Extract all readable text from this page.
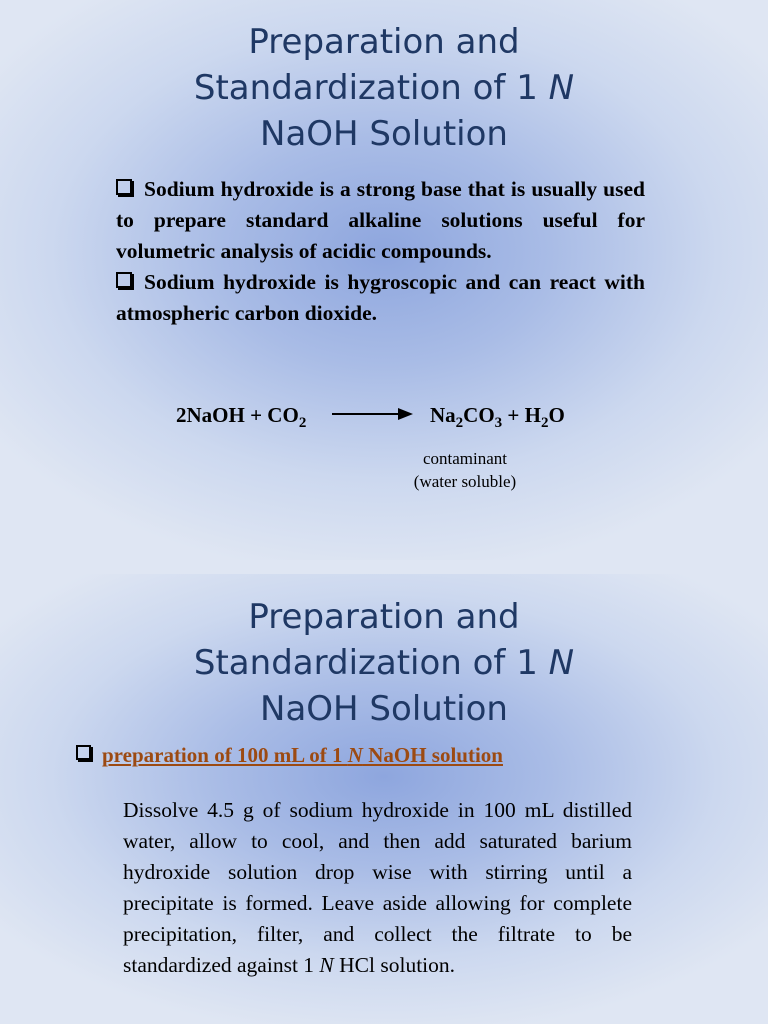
Preparation and
Standardization of 1 N
NaOH Solution

Sodium hydroxide is a strong base that is usually used to prepare standard alkaline solutions useful for volumetric analysis of acidic compounds.

Sodium hydroxide is hygroscopic and can react with atmospheric carbon dioxide.

2NaOH + $CO_2$	$Na_2CO_3 + H_2O$
contaminant
(water soluble)
Preparation and
Standardization of 1 N
NaOH Solution
preparation of 100 mL of 1 N NaOH solution
Dissolve 4.5 g of sodium hydroxide in 100 mL distilled water, allow to cool, and then add saturated barium hydroxide solution drop wise with stirring until a precipitate is formed. Leave aside allowing for complete precipitation, filter, and collect the filtrate to be standardized against 1 N HCl solution.
